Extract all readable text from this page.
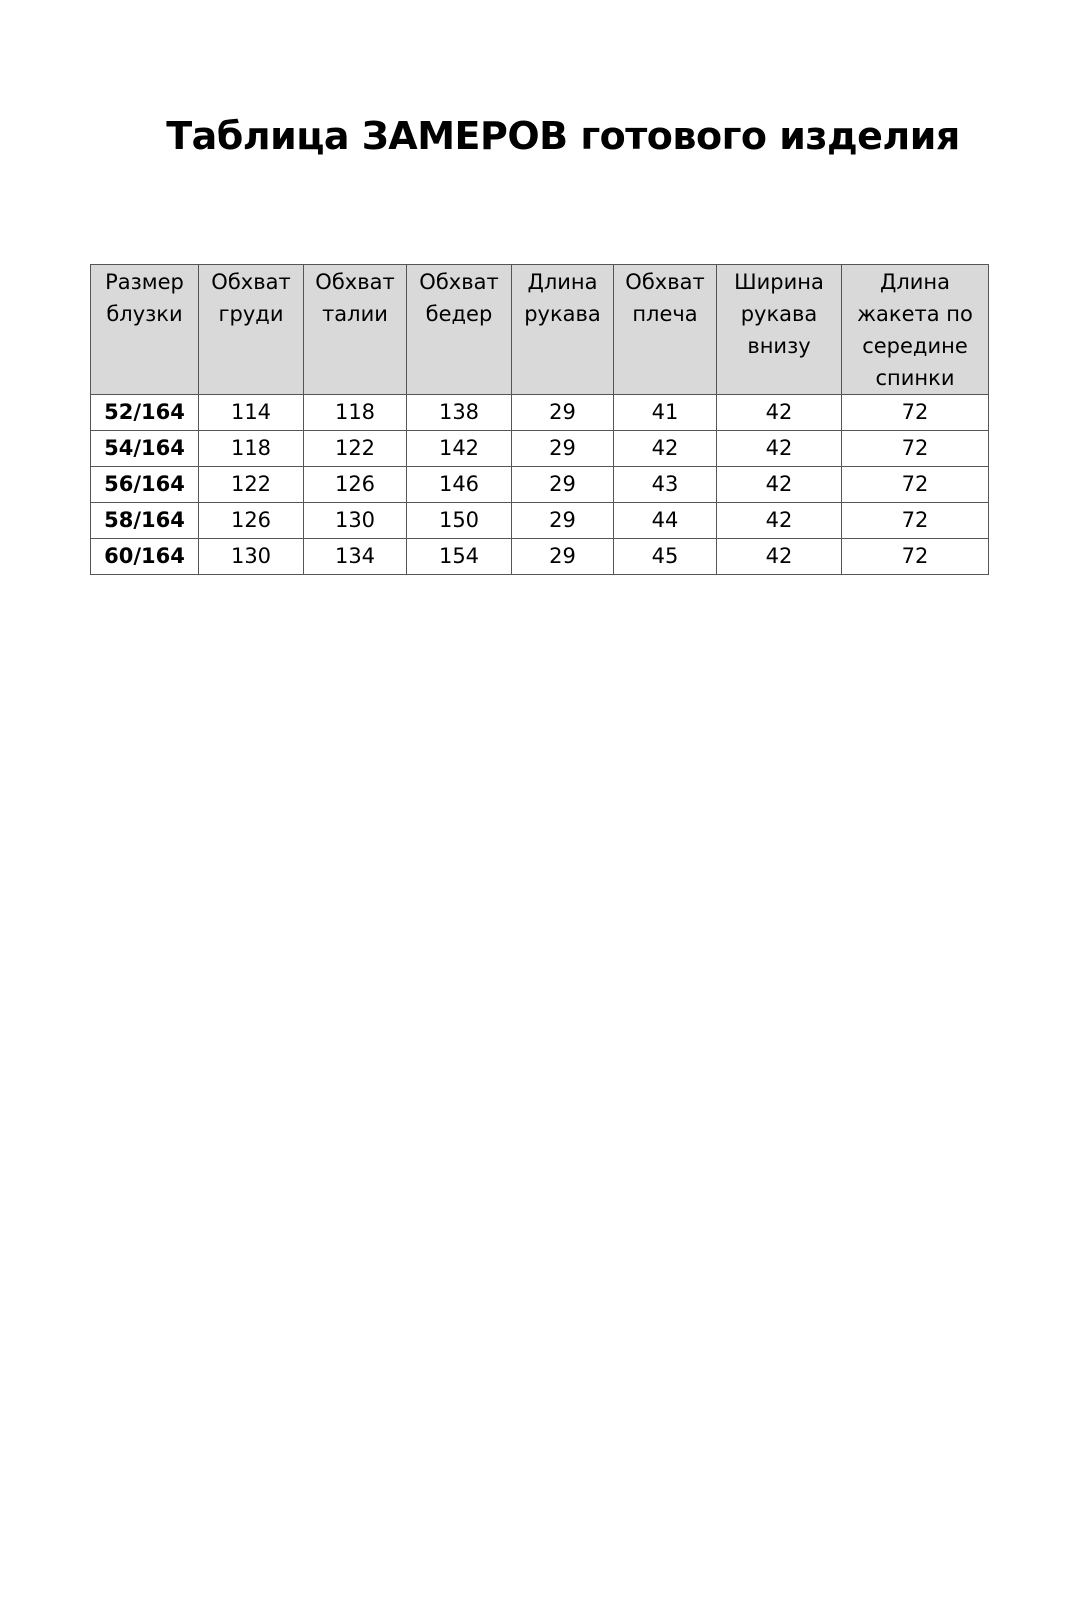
Таблица ЗАМЕРОВ готового изделия
Размер блузки	Обхват груди	Обхват талии	Обхват бедер	Длина рукава	Обхват плеча	Ширина рукава внизу	Длина жакета по середине спинки
52/164	114	118	138	29	41	42	72
54/164	118	122	142	29	42	42	72
56/164	122	126	146	29	43	42	72
58/164	126	130	150	29	44	42	72
60/164	130	134	154	29	45	42	72
